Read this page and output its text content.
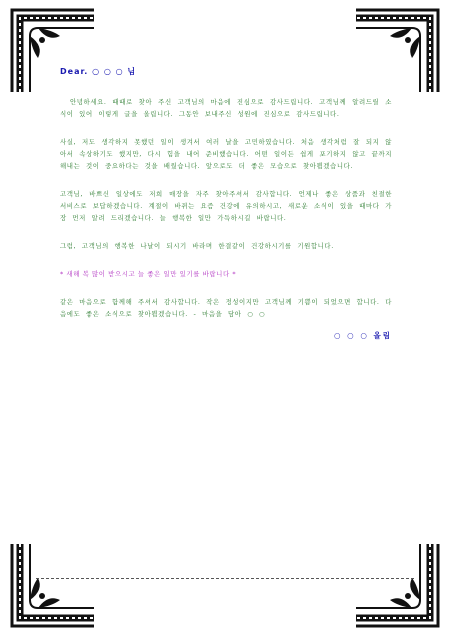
Dear. ○ ○ ○ 님

안녕하세요. 때때로 찾아 주신 고객님의 마음에 진심으로 감사드립니다. 고객님께 알려드릴 소식이 있어 이렇게 글을 올립니다. 그동안 보내주신 성원에 진심으로 감사드립니다.

사실, 저도 생각하지 못했던 일이 생겨서 여러 날을 고민하였습니다. 처음 생각처럼 잘 되지 않아서 속상하기도 했지만, 다시 힘을 내어 준비했습니다. 어떤 일이든 쉽게 포기하지 않고 끝까지 해내는 것이 중요하다는 것을 배웠습니다. 앞으로도 더 좋은 모습으로 찾아뵙겠습니다.

고객님, 바쁘신 일상에도 저희 매장을 자주 찾아주셔서 감사합니다. 언제나 좋은 상품과 친절한 서비스로 보답하겠습니다. 계절이 바뀌는 요즘 건강에 유의하시고, 새로운 소식이 있을 때마다 가장 먼저 알려 드리겠습니다. 늘 행복한 일만 가득하시길 바랍니다.

그럼, 고객님의 행복한 나날이 되시기 바라며 한결같이 건강하시기를 기원합니다.

* 새해 복 많이 받으시고 늘 좋은 일만 있기를 바랍니다 *

같은 마음으로 함께해 주셔서 감사합니다. 작은 정성이지만 고객님께 기쁨이 되었으면 합니다. 다음에도 좋은 소식으로 찾아뵙겠습니다. - 마음을 담아 ○ ○

○ ○ ○ 올림
